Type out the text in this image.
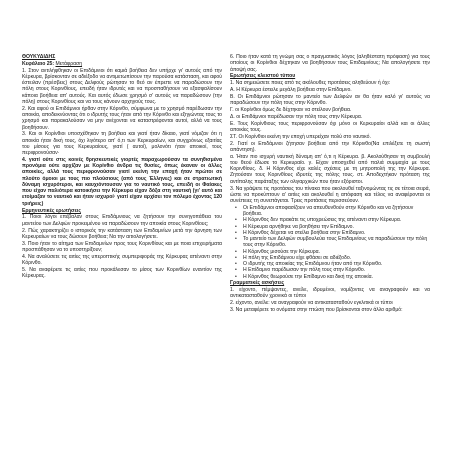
ΘΟΥΚΥΔΙΔΗΣ

Κεφάλαιο 25: Μετάφραση

1. Στον αντιλήφθηκαν οι Επιδάμνιοι ότι καμιά βοήθεια δεν υπήρχε γι' αυτούς από την Κέρκυρα, βρίσκονταν σε αδιέξοδο να αντιμετωπίσουν την παρούσα κατάσταση, και αφού έστειλαν (πρέσβεις) στους Δελφούς ρώτησαν το θεό αν έπρεπε να παραδώσουν την πόλη στους Κορινθίους, επειδή ήταν ιδρυτές και να προσπαθήσουν να εξασφαλίσουν κάποια βοήθεια απ' αυτούς. Και αυτός έδωσε χρησμό σ' αυτούς να παραδώσουν (την πόλη) στους Κορινθίους και να τους κάνουν αρχηγούς τους.

2. Και αφού οι Επιδάμνιοι ήρθαν στην Κόρινθο, σύμφωνα με το χρησμό παρέδωσαν την αποικία, αποδεικνύοντας ότι ο ιδρυτής τους ήταν από την Κόρινθο και εξηγώντας τους το χρησμό και παρακαλούσαν να μην ανέχονται να καταστρέφονται αυτοί, αλλά να τους βοηθήσουν.

3. Και οι Κορίνθιοι υποσχέθηκαν τη βοήθεια και γιατί ήταν δίκαιο, γιατί νόμιζαν ότι η αποικία ήταν δική τους, όχι λιγότερο απ' ό,τι των Κερκυραίων, και συγχρόνως εξαιτίας του μίσους για τους Κερκυραίους, γιατί ( αυτοί), μολονότι ήταν αποικοί, τους περιφρονούσαν·

4. γιατί ούτε στις κοινές θρησκευτικές γιορτές παραχωρούσαν τα συνηθισμένα προνόμια ούτε αρχίζαν με Κορίνθιο άνδρα τις θυσίες, όπως έκαναν οι άλλες αποικίες, αλλά τους περιφρονούσαν γιατί εκείνη την εποχή ήταν πρώτοι σε πλούτο όμοιοι με τους πιο πλούσιους (από τους Έλληνες) και σε στρατιωτική δύναμη ισχυρότεροι, και καυχιόντουσαν για το ναυτικό τους, επειδή οι Φαίακες που είχαν παλιότερα κατοικήσει την Κέρκυρα είχαν δόξα στη ναυτική (γι' αυτό και ετοίμαζαν το ναυτικό και ήταν ισχυροί· γιατί είχαν αρχίσει τον πόλεμο έχοντας 120 τριήρεις)

Ερμηνευτικές ερωτήσεις

1. Ποιοι λόγοι επέβαλαν στους Επιδάμνιους να ζητήσουν την συνηγοπάθεια του μαντείου των Δελφών προκειμένου να παραδώσουν την αποικία στους Κορινθίους;

2. Πώς χαρακτηρίζει ο ιστορικός την κατάσταση των Επιδαμνίων μετά την άρνηση των Κερκυραίων να τους δώσουν βοήθεια; Να την αιτιολογήσετε.

3. Ποιο ήταν το αίτημα των Επιδαμνίων προς τους Κορινθίους και με ποια επιχειρήματα προσπάθησαν να το υποστηρίξουν;

4. Να αναλύσετε τις αιτίες της υπεροπτικής συμπεριφοράς της Κέρκυρας απέναντι στην Κόρινθο.

5. Να αναφέρετε τις αιτίες που προκάλεσαν το μίσος των Κορινθίων εναντίον της Κέρκυρας.

6. Ποιο ήταν κατά τη γνώμη σας ο πραγματικός λόγος (αληθέστατη πρόφαση) για τους οποίους οι Κορίνθιοι δέχτηκαν να βοηθήσουν τους Επιδαμνίους; Να απολογήσετε την άποψή σας.

Ερωτήσεις κλειστού τύπου

1. Να σημειώσετε ποιες από τις ακόλουθες προτάσεις αληθεύουν ή όχι:

Α. Η Κέρκυρα έστειλε μεγάλη βοήθεια στην Επίδαμνο.

Β. Οι Επιδάμνιοι ρώτησαν το μαντείο των Δελφών αν θα ήταν καλό γι' αυτούς να παραδώσουν την πόλη τους στην Κόρινθο.

Γ. οι Κορίνθιοι όμως δε δέχτηκαν να στείλουν βοήθεια.

Δ. οι Επιδάμνιοι παρέδωσαν την πόλη τους στην Κέρκυρα.

Ε. Τους Κορίνθιους τους περιφρονούσαν όχι μόνο οι Κερκυραίοι αλλά και οι άλλες αποικίες τους.

ΣΤ. Οι Κορίνθιοι εκείνη την εποχή υπερείχαν πολύ στο ναυτικό.

2. Γιατί οι Επιδάμνιοι ζήτησαν βοήθεια από την Κόρινθο(Να επιλέξετε τη σωστή απάντηση).

α. Ήταν πιο ισχυρή ναυτική δύναμη απ' ό,τι η Κέρκυρα. β. Ακολούθησαν τη συμβουλή του θεού έδωσε το Κερκυραϊο. γ. Είχαν υποσχεθεί από παλιά συμμαχία με τους Κορινθίους. δ. Η Κόρινθος είχε καλές σχέσεις με τη μητροπολή της την Κέρκυρα. Ζητούσαν τους Κορινθίους ιδρυτές της πόλης τους. στ. Αποδεχτήκαν πρόταση της αντίπαλης παράταξης των ολιγαρχικών που ήταν εξόριστοι.

3. Να γράψετε τις προτάσεις του πίνακα που ακολουθεί ταξινομώντας τις σε τέτοια σειρά, ώστε να προκύπτουν α' αιτίες και ακολουθεί η απόφαση και τέλος να αναφέρονται οι συνέπειες τη συνεπάγεται. Τρεις προτάσεις περισσεύουν.

• Οι Επιδάμνιοι αποφασίζουν να απευθυνθούν στην Κόρινθο και να ζητήσουν βοήθεια.
• Η Κόρινθος δεν πρακάτε τις υποχρεώσεις της απέναντι στην Κέρκυρα.
• Η Κέρκυρα αρνήθηκε να βοηθήσει την Επίδαμνο.
• Η Κόρινθος δέχεται να στείλει βοήθεια στην Επίδαμνο.
• Το μαντείο των Δελφών συμβουλεύει τους Επιδαμνίους να παραδώσουν την πόλη τους στην Κόρινθο.
• Η Κόρινθος μισούσε την Κέρκυρα.
• Η πόλη της Επιδάμνου είχε φθάσει σε αδιέξοδο.
• Ο ιδρυτής της αποικίας της Επιδάμνου ήταν από την Κόρινθο.
• Η Επίδαμνο παρέδωσαν την πόλη τους στην Κόρινθο.
• Η Κόρινθος θεωρούσε την Επίδαμνο και δική της αποικία.

Γραμματικές ασκήσεις

1. είχοντο, πέμψαντες, ανείλε, ιδρυμένοι, νομίζοντες να αναγραφούν και να αντικατασταθούν χρονικά οι τύποι

2. είχοντο, ανείλε: να αναγραφούν να αντικατασταθούν εγκλιτικά οι τύποι

3. Να μεταφέρετε το ονόματα στην πτώση που βρίσκονται στον άλλο αριθμό:
